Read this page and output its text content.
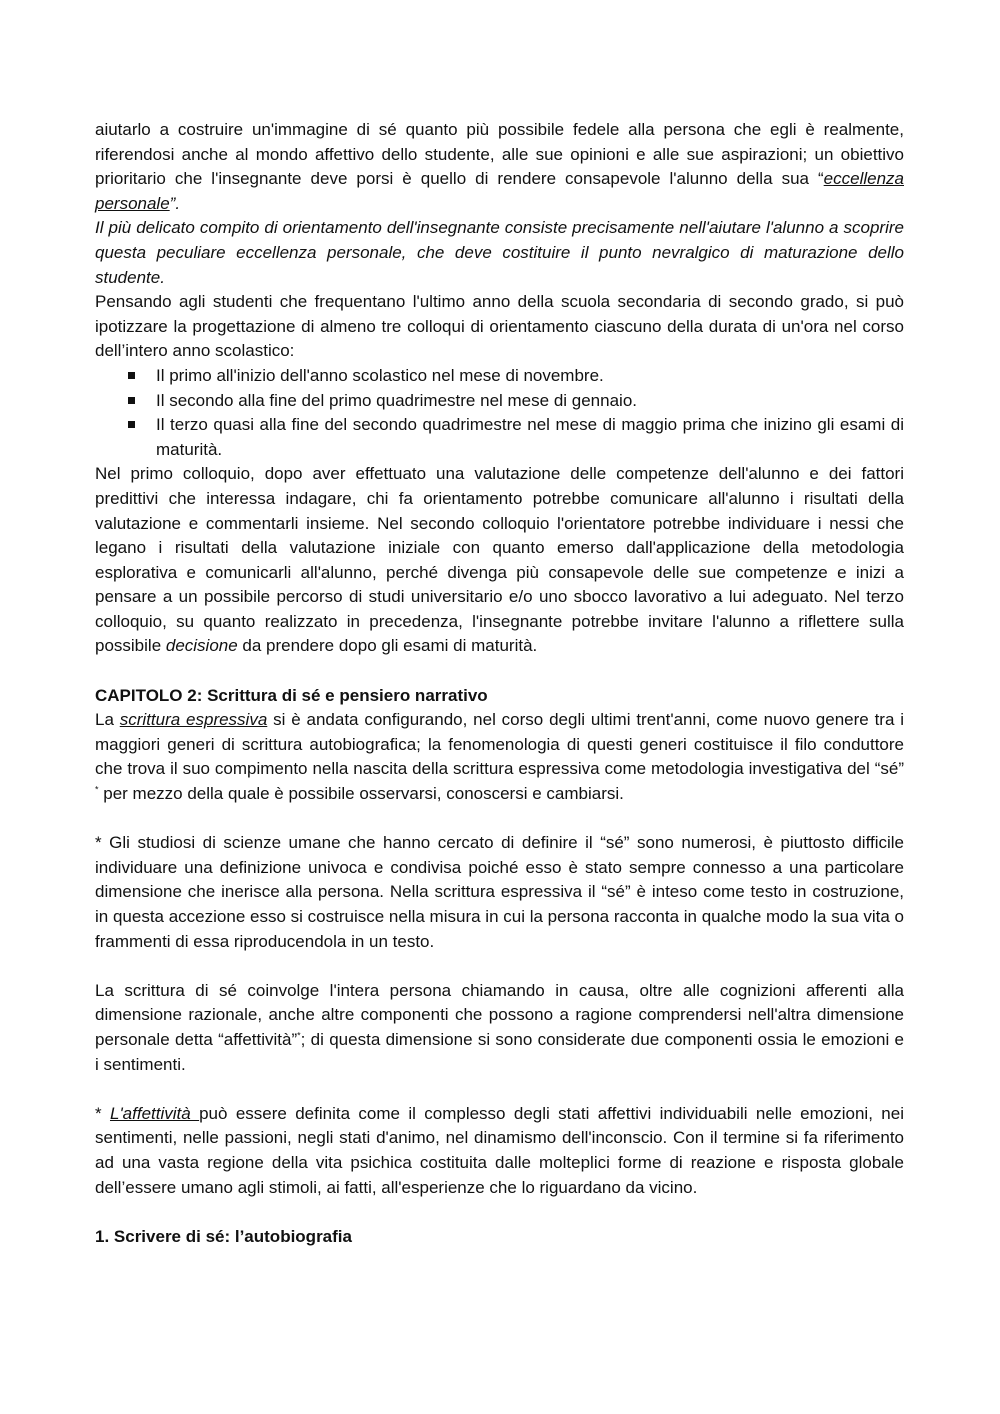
aiutarlo a costruire un'immagine di sé quanto più possibile fedele alla persona che egli è realmente, riferendosi anche al mondo affettivo dello studente, alle sue opinioni e alle sue aspirazioni; un obiettivo prioritario che l'insegnante deve porsi è quello di rendere consapevole l'alunno della sua “eccellenza personale”.

Il più delicato compito di orientamento dell'insegnante consiste precisamente nell'aiutare l'alunno a scoprire questa peculiare eccellenza personale, che deve costituire il punto nevralgico di maturazione dello studente.

Pensando agli studenti che frequentano l'ultimo anno della scuola secondaria di secondo grado, si può ipotizzare la progettazione di almeno tre colloqui di orientamento ciascuno della durata di un'ora nel corso dell’intero anno scolastico:

Il primo all'inizio dell'anno scolastico nel mese di novembre.
Il secondo alla fine del primo quadrimestre nel mese di gennaio.
Il terzo quasi alla fine del secondo quadrimestre nel mese di maggio prima che inizino gli esami di maturità.

Nel primo colloquio, dopo aver effettuato una valutazione delle competenze dell'alunno e dei fattori predittivi che interessa indagare, chi fa orientamento potrebbe comunicare all'alunno i risultati della valutazione e commentarli insieme. Nel secondo colloquio l'orientatore potrebbe individuare i nessi che legano i risultati della valutazione iniziale con quanto emerso dall'applicazione della metodologia esplorativa e comunicarli all'alunno, perché divenga più consapevole delle sue competenze e inizi a pensare a un possibile percorso di studi universitario e/o uno sbocco lavorativo a lui adeguato. Nel terzo colloquio, su quanto realizzato in precedenza, l'insegnante potrebbe invitare l'alunno a riflettere sulla possibile decisione da prendere dopo gli esami di maturità.

CAPITOLO 2: Scrittura di sé e pensiero narrativo

La scrittura espressiva si è andata configurando, nel corso degli ultimi trent'anni, come nuovo genere tra i maggiori generi di scrittura autobiografica; la fenomenologia di questi generi costituisce il filo conduttore che trova il suo compimento nella nascita della scrittura espressiva come metodologia investigativa del “sé” * per mezzo della quale è possibile osservarsi, conoscersi e cambiarsi.

* Gli studiosi di scienze umane che hanno cercato di definire il “sé” sono numerosi, è piuttosto difficile individuare una definizione univoca e condivisa poiché esso è stato sempre connesso a una particolare dimensione che inerisce alla persona. Nella scrittura espressiva il “sé” è inteso come testo in costruzione, in questa accezione esso si costruisce nella misura in cui la persona racconta in qualche modo la sua vita o frammenti di essa riproducendola in un testo.

La scrittura di sé coinvolge l'intera persona chiamando in causa, oltre alle cognizioni afferenti alla dimensione razionale, anche altre componenti che possono a ragione comprendersi nell'altra dimensione personale detta “affettività”*; di questa dimensione si sono considerate due componenti ossia le emozioni e i sentimenti.

* L'affettività può essere definita come il complesso degli stati affettivi individuabili nelle emozioni, nei sentimenti, nelle passioni, negli stati d'animo, nel dinamismo dell'inconscio. Con il termine si fa riferimento ad una vasta regione della vita psichica costituita dalle molteplici forme di reazione e risposta globale dell’essere umano agli stimoli, ai fatti, all'esperienze che lo riguardano da vicino.

1. Scrivere di sé: l’autobiografia
